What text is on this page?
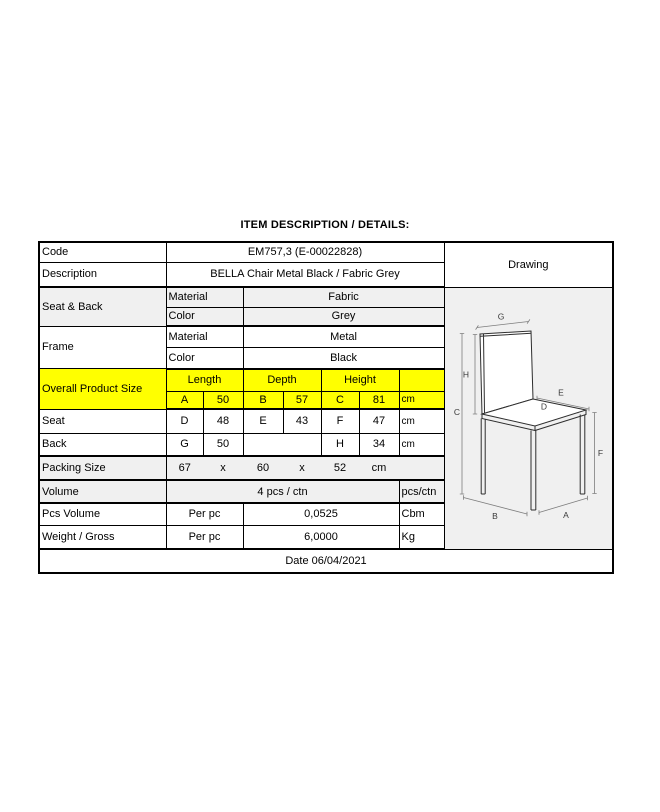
ITEM DESCRIPTION / DETAILS:
Code	EM757,3 (E-00022828)							Drawing
Description	BELLA Chair Metal Black / Fabric Grey							
Seat & Back	Material	Fabric	
G
H
C
E
D
F
B	A

	Color		Grey					
Frame	Material		Metal					
	Color		Black					
Overall Product Size	Length		Depth		Height			
	A	50	B	57	C	81	cm	
Seat	D	48	E	43	F	47	cm	
Back	G	50			H	34	cm	
Packing Size	67	x	60	x	52	cm		
Volume	4 pcs / ctn						pcs/ctn	
Pcs Volume	Per pc		0,0525				Cbm	
Weight / Gross	Per pc		6,0000				Kg	
Date 06/04/2021								
